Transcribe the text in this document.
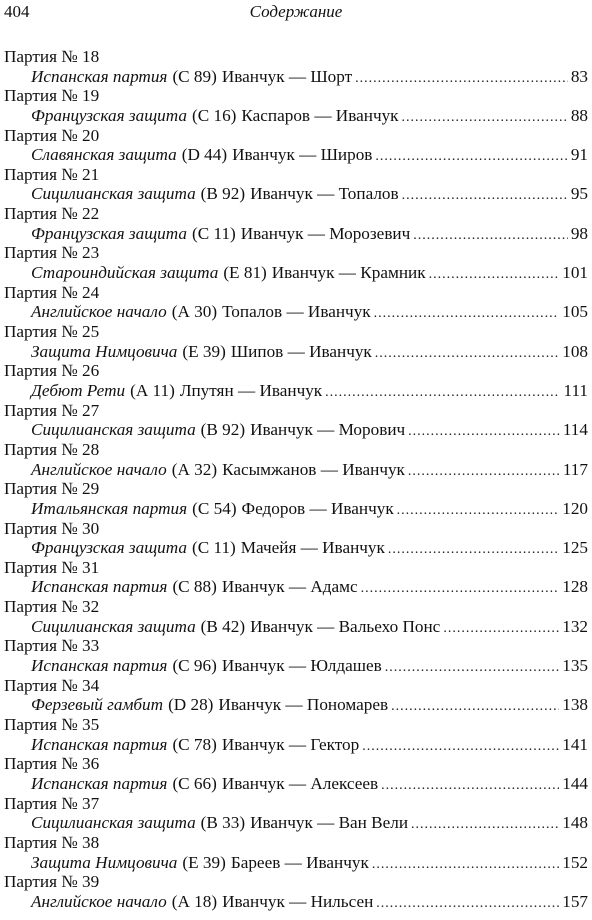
404	Содержание
Партия № 18
Испанская партия (С 89) Иванчук — Шорт .....	83
Партия № 19
Французская защита (С 16) Каспаров — Иванчук .....	88
Партия № 20
Славянская защита (D 44) Иванчук — Широв .....	91
Партия № 21
Сицилианская защита (В 92) Иванчук — Топалов .....	95
Партия № 22
Французская защита (С 11) Иванчук — Морозевич .....	98
Партия № 23
Староиндийская защита (Е 81) Иванчук — Крамник .....	101
Партия № 24
Английское начало (А 30) Топалов — Иванчук .....	105
Партия № 25
Защита Нимцовича (Е 39) Шипов — Иванчук .....	108
Партия № 26
Дебют Рети (А 11) Лпутян — Иванчук .....	111
Партия № 27
Сицилианская защита (В 92) Иванчук — Морович .....	114
Партия № 28
Английское начало (А 32) Касымжанов — Иванчук .....	117
Партия № 29
Итальянская партия (С 54) Федоров — Иванчук .....	120
Партия № 30
Французская защита (С 11) Мачейя — Иванчук .....	125
Партия № 31
Испанская партия (С 88) Иванчук — Адамс .....	128
Партия № 32
Сицилианская защита (В 42) Иванчук — Вальехо Понс .....	132
Партия № 33
Испанская партия (С 96) Иванчук — Юлдашев .....	135
Партия № 34
Ферзевый гамбит (D 28) Иванчук — Пономарев .....	138
Партия № 35
Испанская партия (С 78) Иванчук — Гектор .....	141
Партия № 36
Испанская партия (С 66) Иванчук — Алексеев .....	144
Партия № 37
Сицилианская защита (В 33) Иванчук — Ван Вели .....	148
Партия № 38
Защита Нимцовича (Е 39) Бареев — Иванчук .....	152
Партия № 39
Английское начало (А 18) Иванчук — Нильсен .....	157
